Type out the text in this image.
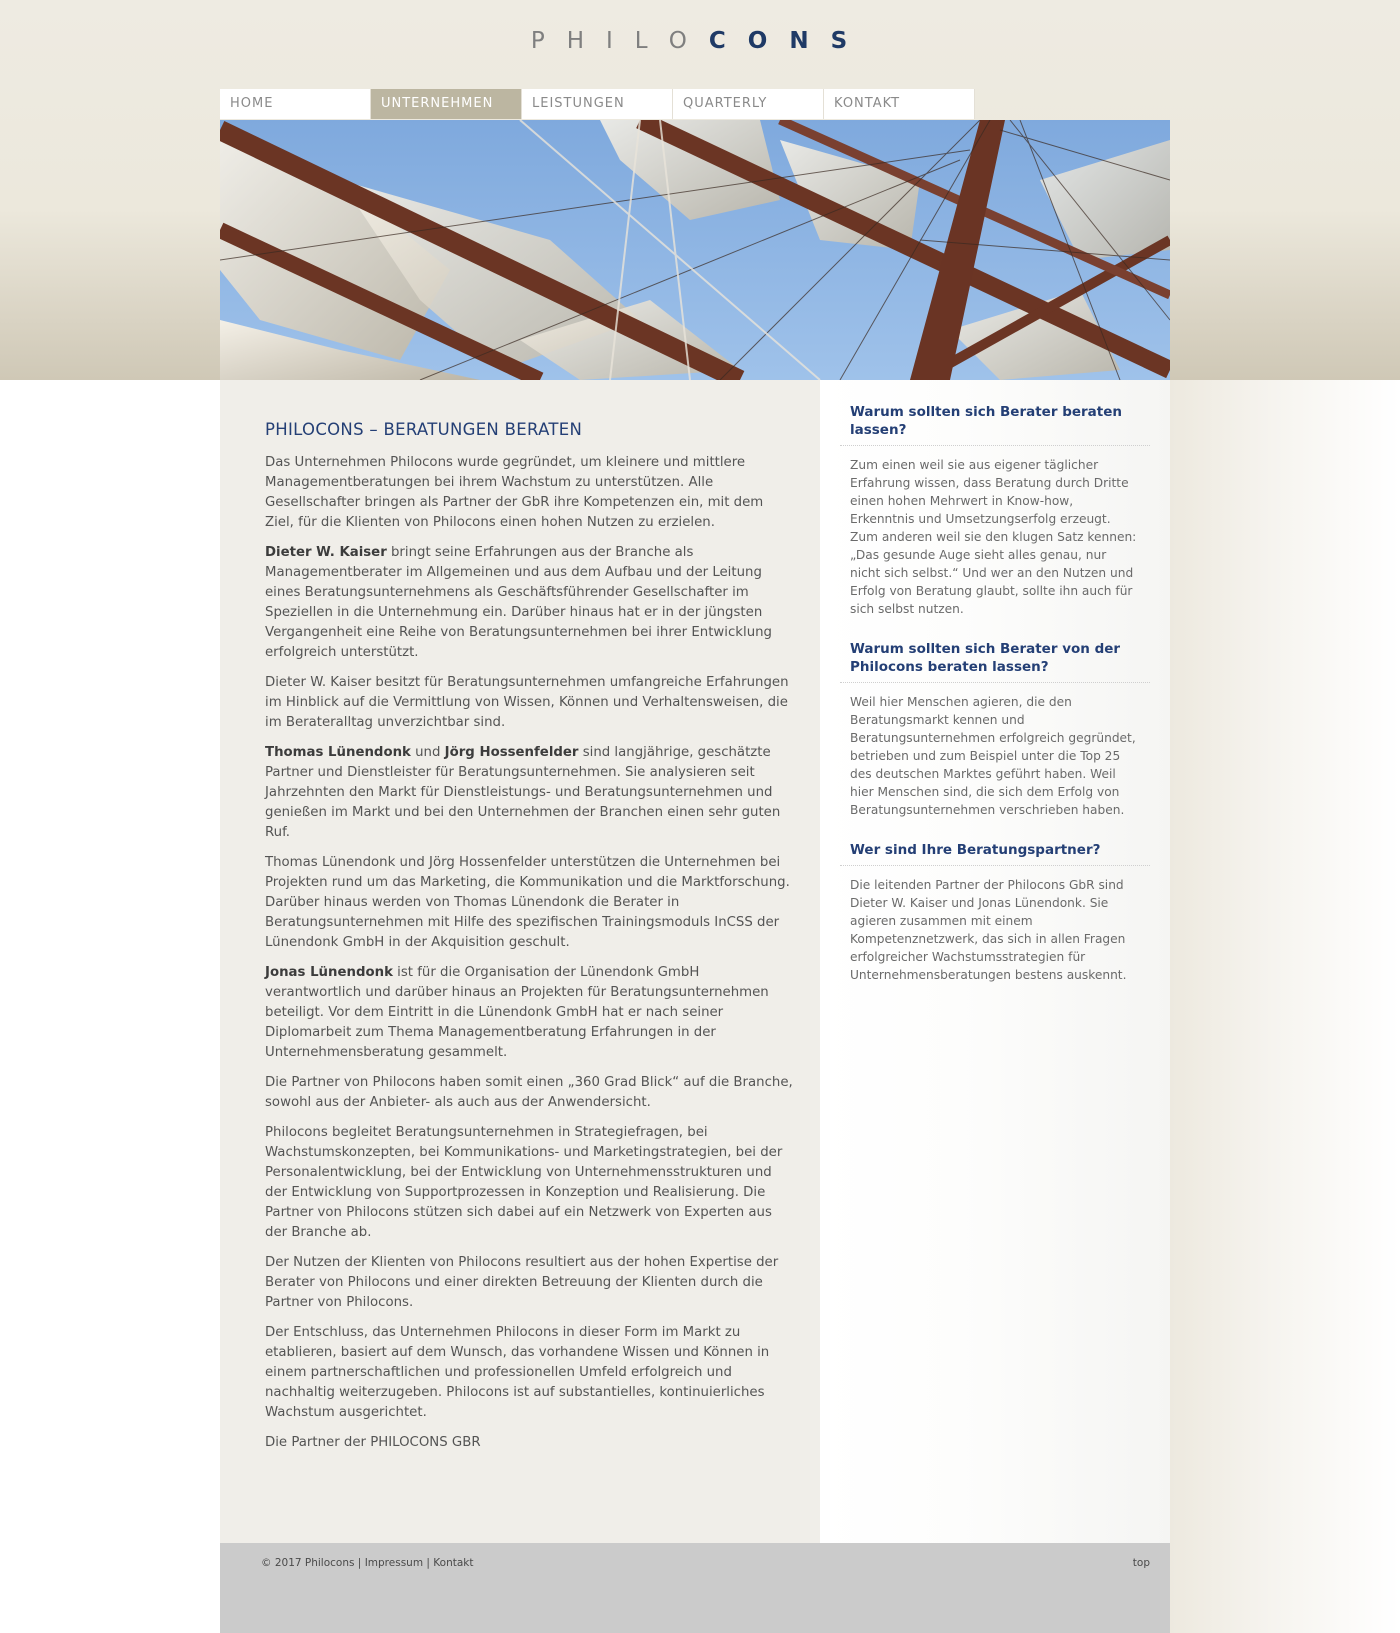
PHILOCONS
HOME	UNTERNEHMEN	LEISTUNGEN	QUARTERLY	KONTAKT
PHILOCONS – BERATUNGEN BERATEN

Das Unternehmen Philocons wurde gegründet, um kleinere und mittlere Managementberatungen bei ihrem Wachstum zu unterstützen. Alle Gesellschafter bringen als Partner der GbR ihre Kompetenzen ein, mit dem Ziel, für die Klienten von Philocons einen hohen Nutzen zu erzielen.

Dieter W. Kaiser bringt seine Erfahrungen aus der Branche als Managementberater im Allgemeinen und aus dem Aufbau und der Leitung eines Beratungsunternehmens als Geschäftsführender Gesellschafter im Speziellen in die Unternehmung ein. Darüber hinaus hat er in der jüngsten Vergangenheit eine Reihe von Beratungsunternehmen bei ihrer Entwicklung erfolgreich unterstützt.

Dieter W. Kaiser besitzt für Beratungsunternehmen umfangreiche Erfahrungen im Hinblick auf die Vermittlung von Wissen, Können und Verhaltensweisen, die im Berateralltag unverzichtbar sind.

Thomas Lünendonk und Jörg Hossenfelder sind langjährige, geschätzte Partner und Dienstleister für Beratungsunternehmen. Sie analysieren seit Jahrzehnten den Markt für Dienstleistungs- und Beratungsunternehmen und genießen im Markt und bei den Unternehmen der Branchen einen sehr guten Ruf.

Thomas Lünendonk und Jörg Hossenfelder unterstützen die Unternehmen bei Projekten rund um das Marketing, die Kommunikation und die Marktforschung. Darüber hinaus werden von Thomas Lünendonk die Berater in Beratungsunternehmen mit Hilfe des spezifischen Trainingsmoduls InCSS der Lünendonk GmbH in der Akquisition geschult.

Jonas Lünendonk ist für die Organisation der Lünendonk GmbH verantwortlich und darüber hinaus an Projekten für Beratungsunternehmen beteiligt. Vor dem Eintritt in die Lünendonk GmbH hat er nach seiner Diplomarbeit zum Thema Managementberatung Erfahrungen in der Unternehmensberatung gesammelt.

Die Partner von Philocons haben somit einen „360 Grad Blick“ auf die Branche, sowohl aus der Anbieter- als auch aus der Anwendersicht.

Philocons begleitet Beratungsunternehmen in Strategiefragen, bei Wachstumskonzepten, bei Kommunikations- und Marketingstrategien, bei der Personalentwicklung, bei der Entwicklung von Unternehmensstrukturen und der Entwicklung von Supportprozessen in Konzeption und Realisierung. Die Partner von Philocons stützen sich dabei auf ein Netzwerk von Experten aus der Branche ab.

Der Nutzen der Klienten von Philocons resultiert aus der hohen Expertise der Berater von Philocons und einer direkten Betreuung der Klienten durch die Partner von Philocons.

Der Entschluss, das Unternehmen Philocons in dieser Form im Markt zu etablieren, basiert auf dem Wunsch, das vorhandene Wissen und Können in einem partnerschaftlichen und professionellen Umfeld erfolgreich und nachhaltig weiterzugeben. Philocons ist auf substantielles, kontinuierliches Wachstum ausgerichtet.

Die Partner der PHILOCONS GBR

Warum sollten sich Berater beraten lassen?

Zum einen weil sie aus eigener täglicher Erfahrung wissen, dass Beratung durch Dritte einen hohen Mehrwert in Know-how, Erkenntnis und Umsetzungserfolg erzeugt. Zum anderen weil sie den klugen Satz kennen: „Das gesunde Auge sieht alles genau, nur nicht sich selbst.“ Und wer an den Nutzen und Erfolg von Beratung glaubt, sollte ihn auch für sich selbst nutzen.

Warum sollten sich Berater von der Philocons beraten lassen?

Weil hier Menschen agieren, die den Beratungsmarkt kennen und Beratungsunternehmen erfolgreich gegründet, betrieben und zum Beispiel unter die Top 25 des deutschen Marktes geführt haben. Weil hier Menschen sind, die sich dem Erfolg von Beratungsunternehmen verschrieben haben.

Wer sind Ihre Beratungspartner?

Die leitenden Partner der Philocons GbR sind Dieter W. Kaiser und Jonas Lünendonk. Sie agieren zusammen mit einem Kompetenznetzwerk, das sich in allen Fragen erfolgreicher Wachstumsstrategien für Unternehmensberatungen bestens auskennt.

© 2017 Philocons | Impressum | Kontakt	top
